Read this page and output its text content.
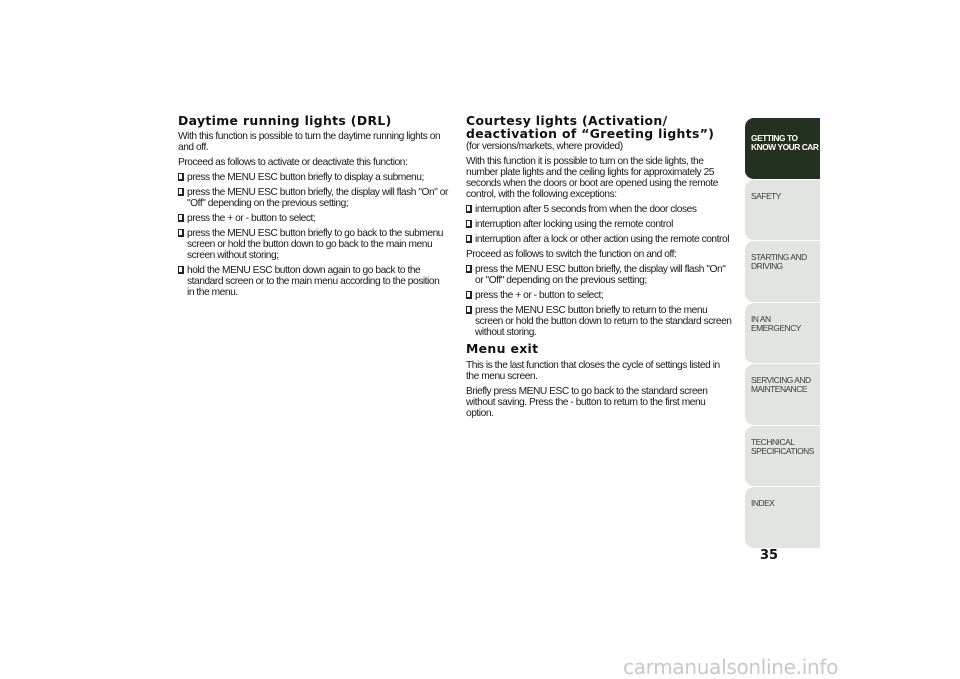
Daytime running lights (DRL)

With this function is possible to turn the daytime running lights on and off.

Proceed as follows to activate or deactivate this function:

press the MENU ESC button briefly to display a submenu;
press the MENU ESC button briefly, the display will flash "On" or "Off" depending on the previous setting;
press the + or - button to select;
press the MENU ESC button briefly to go back to the submenu screen or hold the button down to go back to the main menu screen without storing;
hold the MENU ESC button down again to go back to the standard screen or to the main menu according to the position in the menu.
Courtesy lights (Activation/ deactivation of “Greeting lights”)

(for versions/markets, where provided)

With this function it is possible to turn on the side lights, the number plate lights and the ceiling lights for approximately 25 seconds when the doors or boot are opened using the remote control, with the following exceptions:

interruption after 5 seconds from when the door closes
interruption after locking using the remote control
interruption after a lock or other action using the remote control

Proceed as follows to switch the function on and off:

press the MENU ESC button briefly, the display will flash "On" or "Off" depending on the previous setting;
press the + or - button to select;
press the MENU ESC button briefly to return to the menu screen or hold the button down to return to the standard screen without storing.
Menu exit

This is the last function that closes the cycle of settings listed in the menu screen.

Briefly press MENU ESC to go back to the standard screen without saving. Press the - button to return to the first menu option.

GETTING TO
KNOW YOUR CAR
SAFETY
STARTING AND
DRIVING
IN AN EMERGENCY
SERVICING AND
MAINTENANCE
TECHNICAL
SPECIFICATIONS
INDEX
35
carmanualsonline.info
